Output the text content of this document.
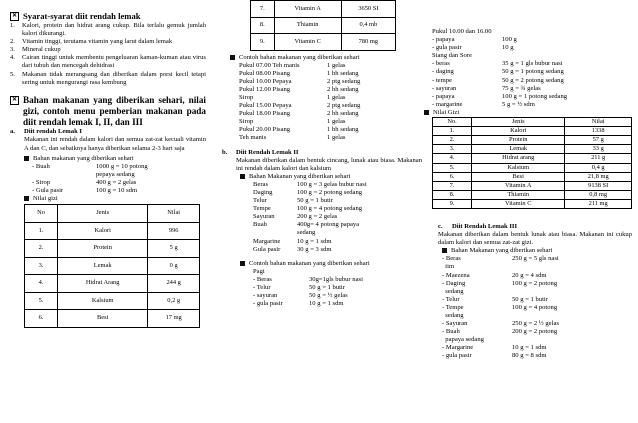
✕ Syarat-syarat diit rendah lemak
1.	Kalori, protein dan hidrat arang cukup. Bila terlalu gemuk jumlah kalori dikurangi.
2.	Vitamin tinggi, terutama vitamin yang larut dalam lemak
3.	Mineral cukup
4.	Cairan tinggi untuk membentu pengeluaran kaman-kuman atau virus dari tubuh dan mencegah dehidrasi
5.	Makanan tidak merangsang dan diberikan dalam porsi kecil tetapi sering untuk mengurangi rasa kembung
✕ Bahan makanan yang diberikan sehari, nilai gizi, contoh menu pemberian makanan pada diit rendah lemak I, II, dan III
a.	Diit rendah Lemak I
Makanan ini rendah dalam kalori dan semua zat-zat kecuali vitamin A dan C, dan sebaiknya hanya diberikan selama 2-3 hari saja
Bahan makanan yang diberikan sehari
- Buah	1000 g = 10 potong
pepaya sedang
- Sirop	400 g = 2 gelas
- Gula pasir	100 g = 10 sdm
Nilai gizi
No	Jenis	Nilai
1.	Kalori	996
2.	Protein	5 g
3.	Lemak	0 g
4.	Hidrat Arang	244 g
5.	Kalsium	0,2 g
6.	Besi	17 mg
7.	Vitamin A	3650 SI
8.	Thiamin	0,4 mb
9.	Vitamin C	780 mg
Contoh bahan makanan yang diberikan sehari
Pukul 07.00 Teh manis	1 gelas
Pukul 08.00 Pisang	1 bh sedang
Pukul 10.00 Pepaya	2 ptg sedang
Pukul 12.00 Pisang	2 bh sedang
Sirop	1 gelas
Pukul 15.00 Pepaya	2 ptg sedang
Pukul 18.00 Pisang	2 bh sedang
Sirop	1 gelas
Pukul 20.00 Pisang	1 bh sedang
Teh manis	1 gelas
b.	Diit Rendah Lemak II
Makanan diberikan dalam bentuk cincang, lunak atau biasa. Makanan ini rendah dalam kalori dan kalsium
Bahan Makanan yang diberikan sehari
Beras	100 g = 3 gelas bubur nasi
Daging	100 g = 2 potong sedang
Telur	50 g = 1 butir
Tempe	100 g = 4 potong sedang
Sayuran	200 g = 2 gelas
Buah	400g= 4 potong papaya
sedang
Margarine	10 g = 1 sdm
Gula pasir	30 g = 3 sdm
Contoh bahan makanan yang diberikan sehari
Pagi
- Beras	30g=1gls bubur nasi
- Telur	50 g = 1 butir
- sayuran	50 g = ½ gelas
- gula pasir	10 g = 1 sdm
Pukul 10.00 dan 16.00
- papaya	100 g
- gula pasir	10 g
Siang dan Sore
- beras	35 g = 1 gls bubur nasi
- daging	50 g = 1 potong sedang
- tempe	50 g = 2 potong sedang
- sayuran	75 g = ¾ gelas
- papaya	100 g = 1 potong sedang
- margarine	5 g = ½ sdm
Nilai Gizi
No.	Jenis	Nilai
1.	Kalori	1338
2.	Protein	57 g
3.	Lemak	33 g
4.	Hidrat arang	211 g
5.	Kalsium	0,4 g
6.	Besi	21,8 mg
7.	Vitamin A	9138 SI
8.	Thiamin	0,8 mg
9.	Vitamin C	211 mg
c.	Diit Rendah Lemak III
Makanan diberikan dalam bentuk lunak atau biasa. Makanan ini cukup dalam kalori dan semua zat-zat gizi.
Bahan Makanan yang diberikan sehari
- Beras	250 g = 5 gls nasi
tim
- Maezena	20 g = 4 sdm
- Daging	100 g = 2 potong
sedang
- Telur	50 g = 1 butir
- Tempe	100 g = 4 potong
sedang
- Sayuran	250 g = 2 ½ gelas
- Buah	200 g = 2 potong
papaya sedang
- Margarine	10 g = 1 sdm
- gula pasir	80 g = 8 sdm
